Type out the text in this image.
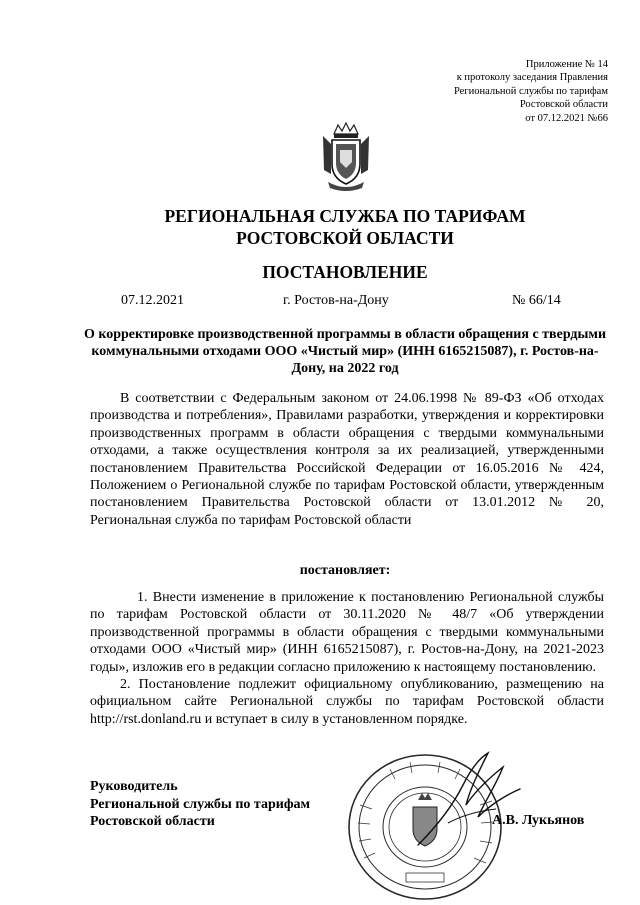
Приложение № 14
к протоколу заседания Правления
Региональной службы по тарифам
Ростовской области
от 07.12.2021 №66
РЕГИОНАЛЬНАЯ СЛУЖБА ПО ТАРИФАМ
РОСТОВСКОЙ ОБЛАСТИ
ПОСТАНОВЛЕНИЕ
07.12.2021	г. Ростов-на-Дону	№ 66/14
О корректировке производственной программы в области обращения с твердыми коммунальными отходами ООО «Чистый мир» (ИНН 6165215087), г. Ростов-на-Дону, на 2022 год
В соответствии с Федеральным законом от 24.06.1998 № 89-ФЗ «Об отходах производства и потребления», Правилами разработки, утверждения и корректировки производственных программ в области обращения с твердыми коммунальными отходами, а также осуществления контроля за их реализацией, утвержденными постановлением Правительства Российской Федерации от 16.05.2016 № 424, Положением о Региональной службе по тарифам Ростовской области, утвержденным постановлением Правительства Ростовской области от 13.01.2012 № 20, Региональная служба по тарифам Ростовской области
постановляет:
1. Внести изменение в приложение к постановлению Региональной службы по тарифам Ростовской области от 30.11.2020 № 48/7 «Об утверждении производственной программы в области обращения с твердыми коммунальными отходами ООО «Чистый мир» (ИНН 6165215087), г. Ростов-на-Дону, на 2021-2023 годы», изложив его в редакции согласно приложению к настоящему постановлению.
2. Постановление подлежит официальному опубликованию, размещению на официальном сайте Региональной службы по тарифам Ростовской области http://rst.donland.ru и вступает в силу в установленном порядке.
Руководитель
Региональной службы по тарифам
Ростовской области	А.В. Лукьянов
